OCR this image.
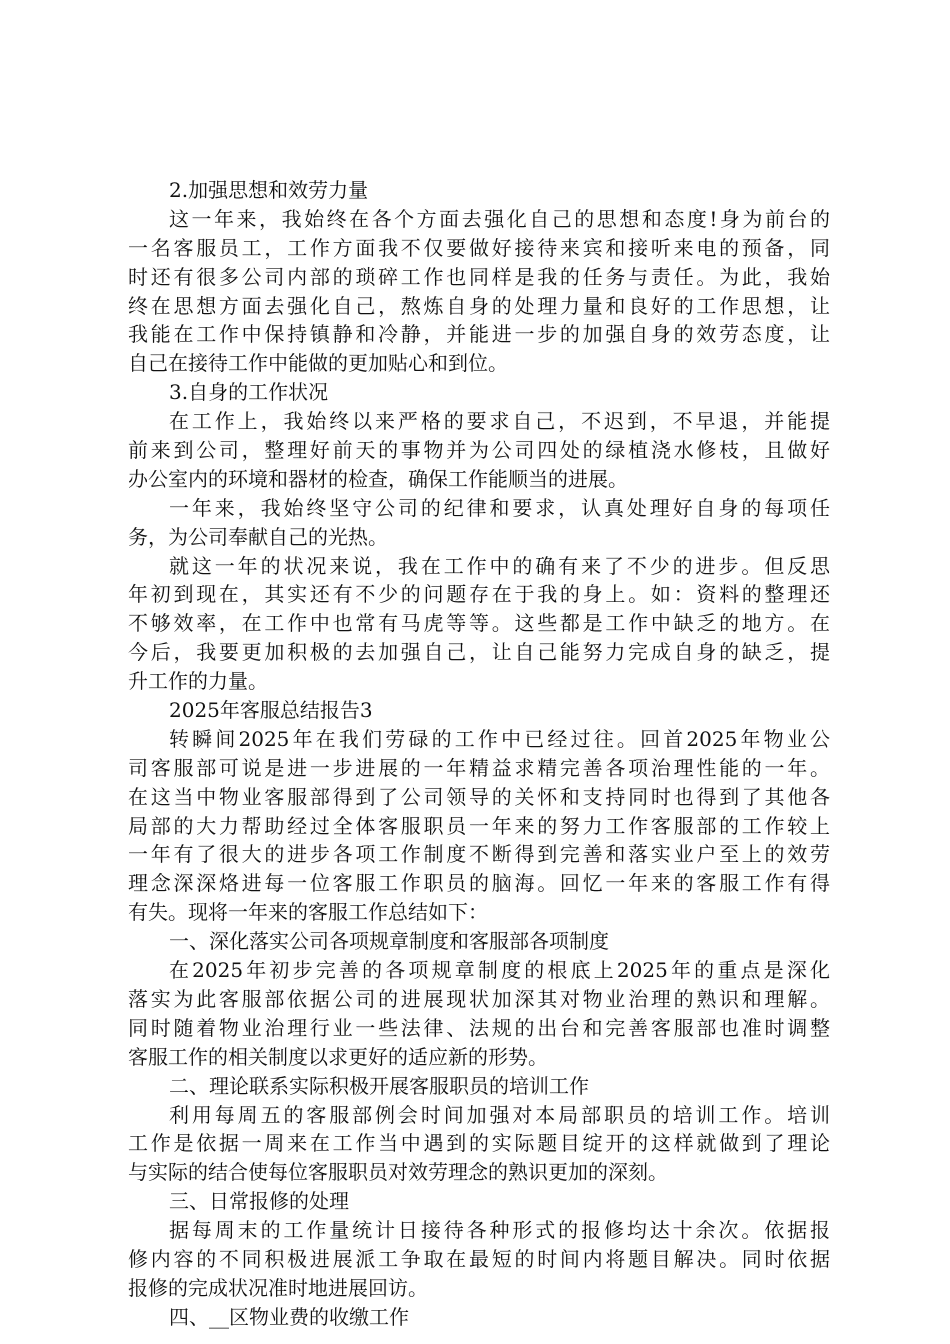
2.加强思想和效劳力量
这一年来，我始终在各个方面去强化自己的思想和态度!身为前台的
一名客服员工，工作方面我不仅要做好接待来宾和接听来电的预备，同
时还有很多公司内部的琐碎工作也同样是我的任务与责任。为此，我始
终在思想方面去强化自己，熬炼自身的处理力量和良好的工作思想，让
我能在工作中保持镇静和冷静，并能进一步的加强自身的效劳态度，让
自己在接待工作中能做的更加贴心和到位。
3.自身的工作状况
在工作上，我始终以来严格的要求自己，不迟到，不早退，并能提
前来到公司，整理好前天的事物并为公司四处的绿植浇水修枝，且做好
办公室内的环境和器材的检查，确保工作能顺当的进展。
一年来，我始终坚守公司的纪律和要求，认真处理好自身的每项任
务，为公司奉献自己的光热。
就这一年的状况来说，我在工作中的确有来了不少的进步。但反思
年初到现在，其实还有不少的问题存在于我的身上。如：资料的整理还
不够效率，在工作中也常有马虎等等。这些都是工作中缺乏的地方。在
今后，我要更加积极的去加强自己，让自己能努力完成自身的缺乏，提
升工作的力量。
2025年客服总结报告3
转瞬间2025年在我们劳碌的工作中已经过往。回首2025年物业公
司客服部可说是进一步进展的一年精益求精完善各项治理性能的一年。
在这当中物业客服部得到了公司领导的关怀和支持同时也得到了其他各
局部的大力帮助经过全体客服职员一年来的努力工作客服部的工作较上
一年有了很大的进步各项工作制度不断得到完善和落实业户至上的效劳
理念深深烙进每一位客服工作职员的脑海。回忆一年来的客服工作有得
有失。现将一年来的客服工作总结如下：
一、深化落实公司各项规章制度和客服部各项制度
在2025年初步完善的各项规章制度的根底上2025年的重点是深化
落实为此客服部依据公司的进展现状加深其对物业治理的熟识和理解。
同时随着物业治理行业一些法律、法规的出台和完善客服部也准时调整
客服工作的相关制度以求更好的适应新的形势。
二、理论联系实际积极开展客服职员的培训工作
利用每周五的客服部例会时间加强对本局部职员的培训工作。培训
工作是依据一周来在工作当中遇到的实际题目绽开的这样就做到了理论
与实际的结合使每位客服职员对效劳理念的熟识更加的深刻。
三、日常报修的处理
据每周末的工作量统计日接待各种形式的报修均达十余次。依据报
修内容的不同积极进展派工争取在最短的时间内将题目解决。同时依据
报修的完成状况准时地进展回访。
四、__区物业费的收缴工作
